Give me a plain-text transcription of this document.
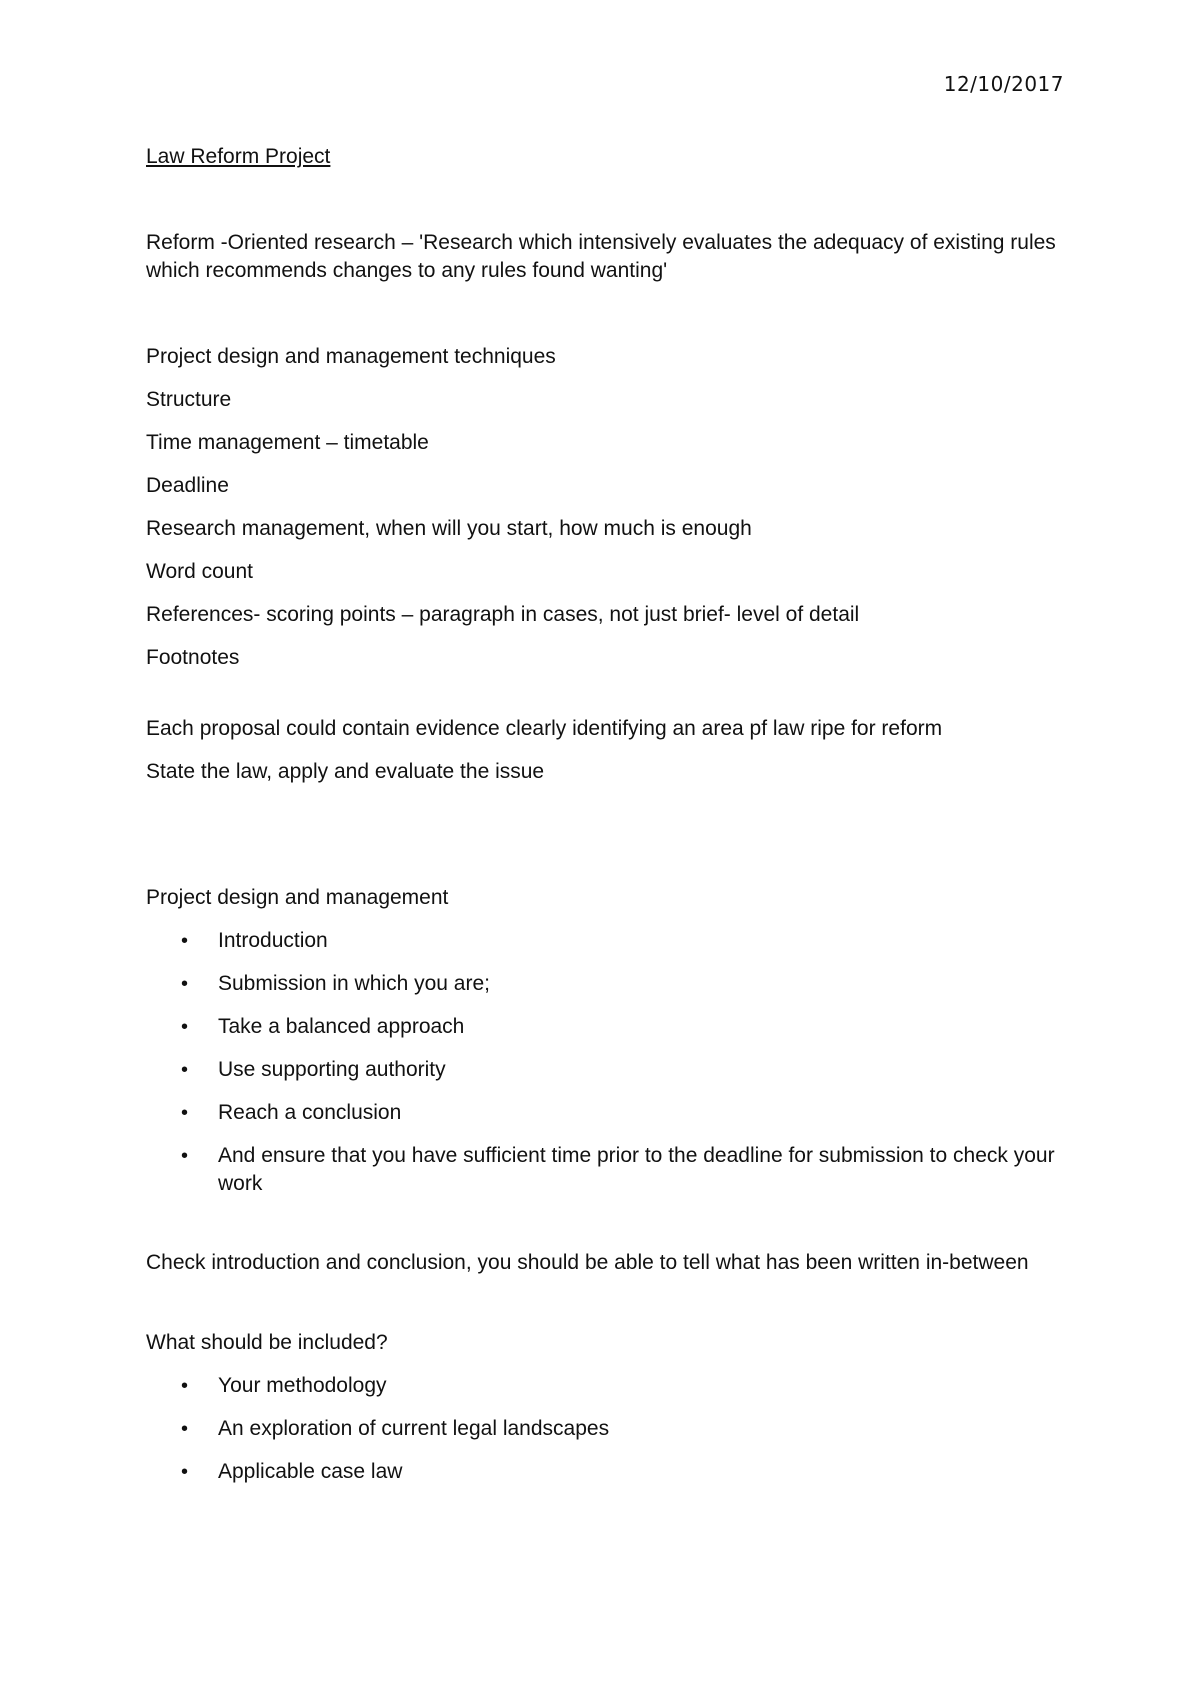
12/10/2017
Law Reform Project

Reform -Oriented research – 'Research which intensively evaluates the adequacy of existing rules which recommends changes to any rules found wanting'

Project design and management techniques

Structure

Time management – timetable

Deadline

Research management, when will you start, how much is enough

Word count

References- scoring points – paragraph in cases, not just brief- level of detail

Footnotes

Each proposal could contain evidence clearly identifying an area pf law ripe for reform

State the law, apply and evaluate the issue

Project design and management

• Introduction
• Submission in which you are;
• Take a balanced approach
• Use supporting authority
• Reach a conclusion
• And ensure that you have sufficient time prior to the deadline for submission to check your work

Check introduction and conclusion, you should be able to tell what has been written in-between

What should be included?

• Your methodology
• An exploration of current legal landscapes
• Applicable case law
